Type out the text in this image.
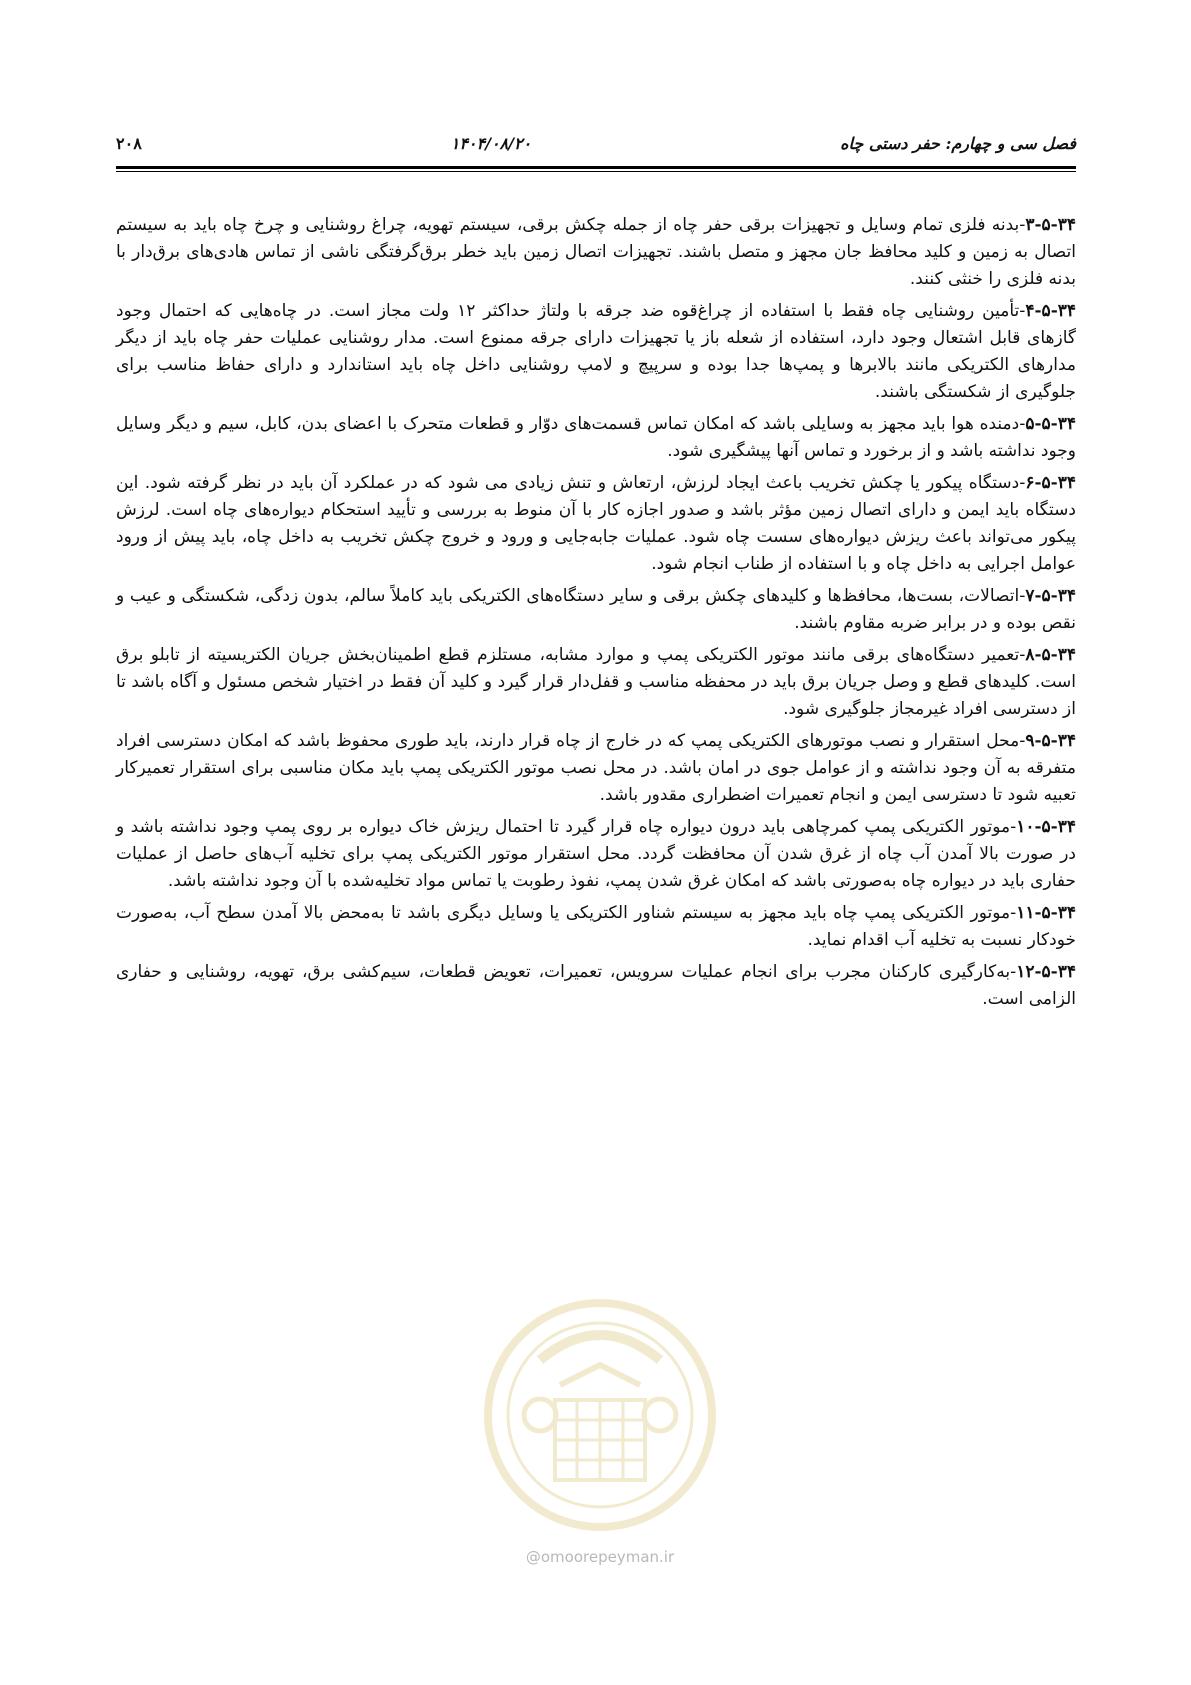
فصل سی و چهارم: حفر دستی چاه
۱۴۰۴/۰۸/۲۰
۲۰۸

۳-۵-۳۴-بدنه فلزی تمام وسایل و تجهیزات برقی حفر چاه از جمله چکش برقی، سیستم تهویه، چراغ روشنایی و چرخ چاه باید به سیستم اتصال به زمین و کلید محافظ جان مجهز و متصل باشند. تجهیزات اتصال زمین باید خطر برق‌گرفتگی ناشی از تماس هادی‌های برق‌دار با بدنه فلزی را خنثی کنند.

۴-۵-۳۴-تأمین روشنایی چاه فقط با استفاده از چراغ‌قوه ضد جرقه با ولتاژ حداکثر ۱۲ ولت مجاز است. در چاه‌هایی که احتمال وجود گازهای قابل اشتعال وجود دارد، استفاده از شعله باز یا تجهیزات دارای جرقه ممنوع است. مدار روشنایی عملیات حفر چاه باید از دیگر مدارهای الکتریکی مانند بالابرها و پمپ‌ها جدا بوده و سرپیچ و لامپ روشنایی داخل چاه باید استاندارد و دارای حفاظ مناسب برای جلوگیری از شکستگی باشند.

۵-۵-۳۴-دمنده هوا باید مجهز به وسایلی باشد که امکان تماس قسمت‌های دوّار و قطعات متحرک با اعضای بدن، کابل، سیم و دیگر وسایل وجود نداشته باشد و از برخورد و تماس آنها پیشگیری شود.

۶-۵-۳۴-دستگاه پیکور یا چکش تخریب باعث ایجاد لرزش، ارتعاش و تنش زیادی می شود که در عملکرد آن باید در نظر گرفته شود. این دستگاه باید ایمن و دارای اتصال زمین مؤثر باشد و صدور اجازه کار با آن منوط به بررسی و تأیید استحکام دیواره‌های چاه است. لرزش پیکور می‌تواند باعث ریزش دیواره‌های سست چاه شود. عملیات جابه‌جایی و ورود و خروج چکش تخریب به داخل چاه، باید پیش از ورود عوامل اجرایی به داخل چاه و با استفاده از طناب انجام شود.

۷-۵-۳۴-اتصالات، بست‌ها، محافظ‌ها و کلیدهای چکش برقی و سایر دستگاه‌های الکتریکی باید کاملاً سالم، بدون زدگی، شکستگی و عیب و نقص بوده و در برابر ضربه مقاوم باشند.

۸-۵-۳۴-تعمیر دستگاه‌های برقی مانند موتور الکتریکی پمپ و موارد مشابه، مستلزم قطع اطمینان‌بخش جریان الکتریسیته از تابلو برق است. کلیدهای قطع و وصل جریان برق باید در محفظه مناسب و قفل‌دار قرار گیرد و کلید آن فقط در اختیار شخص مسئول و آگاه باشد تا از دسترسی افراد غیرمجاز جلوگیری شود.

۹-۵-۳۴-محل استقرار و نصب موتورهای الکتریکی پمپ که در خارج از چاه قرار دارند، باید طوری محفوظ باشد که امکان دسترسی افراد متفرقه به آن وجود نداشته و از عوامل جوی در امان باشد. در محل نصب موتور الکتریکی پمپ باید مکان مناسبی برای استقرار تعمیرکار تعبیه شود تا دسترسی ایمن و انجام تعمیرات اضطراری مقدور باشد.

۱۰-۵-۳۴-موتور الکتریکی پمپ کمرچاهی باید درون دیواره چاه قرار گیرد تا احتمال ریزش خاک دیواره بر روی پمپ وجود نداشته باشد و در صورت بالا آمدن آب چاه از غرق شدن آن محافظت گردد. محل استقرار موتور الکتریکی پمپ برای تخلیه آب‌های حاصل از عملیات حفاری باید در دیواره چاه به‌صورتی باشد که امکان غرق شدن پمپ، نفوذ رطوبت یا تماس مواد تخلیه‌شده با آن وجود نداشته باشد.

۱۱-۵-۳۴-موتور الکتریکی پمپ چاه باید مجهز به سیستم شناور الکتریکی یا وسایل دیگری باشد تا به‌محض بالا آمدن سطح آب، به‌صورت خودکار نسبت به تخلیه آب اقدام نماید.

۱۲-۵-۳۴-به‌کارگیری کارکنان مجرب برای انجام عملیات سرویس، تعمیرات، تعویض قطعات، سیم‌کشی برق، تهویه، روشنایی و حفاری الزامی است.

@omoorepeyman.ir
